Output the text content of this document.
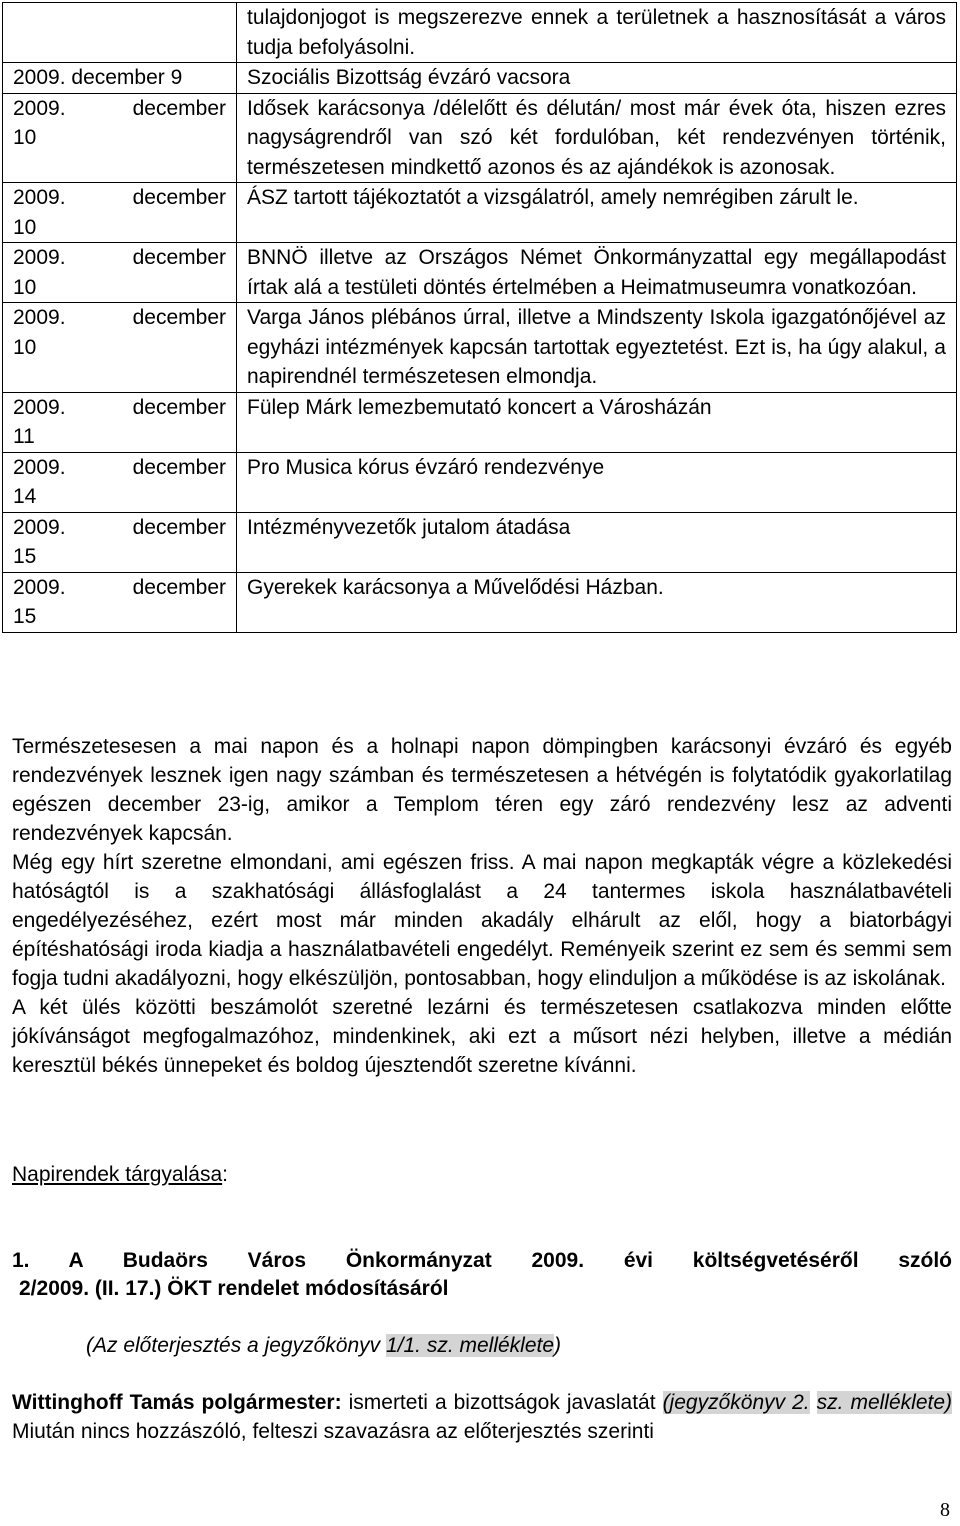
	tulajdonjogot is megszerezve ennek a területnek a hasznosítását a város tudja befolyásolni.
2009. december 9	Szociális Bizottság évzáró vacsora

2009. december
10	Idősek karácsonya /délelőtt és délután/ most már évek óta, hiszen ezres nagyságrendről van szó két fordulóban, két rendezvényen történik, természetesen mindkettő azonos és az ajándékok is azonosak.

2009. december
10	ÁSZ tartott tájékoztatót a vizsgálatról, amely nemrégiben zárult le.

2009. december
10	BNNÖ illetve az Országos Német Önkormányzattal egy megállapodást írtak alá a testületi döntés értelmében a Heimatmuseumra vonatkozóan.

2009. december
10	Varga János plébános úrral, illetve a Mindszenty Iskola igazgatónőjével az egyházi intézmények kapcsán tartottak egyeztetést. Ezt is, ha úgy alakul, a napirendnél természetesen elmondja.

2009. december
11	Fülep Márk lemezbemutató koncert a Városházán

2009. december
14	Pro Musica kórus évzáró rendezvénye

2009. december
15	Intézményvezetők jutalom átadása

2009. december
15	Gyerekek karácsonya a Művelődési Házban.

Természetesesen a mai napon és a holnapi napon dömpingben karácsonyi évzáró és egyéb rendezvények lesznek igen nagy számban és természetesen a hétvégén is folytatódik gyakorlatilag egészen december 23-ig, amikor a Templom téren egy záró rendezvény lesz az adventi rendezvények kapcsán.

Még egy hírt szeretne elmondani, ami egészen friss. A mai napon megkapták végre a közlekedési hatóságtól is a szakhatósági állásfoglalást a 24 tantermes iskola használatbavételi engedélyezéséhez, ezért most már minden akadály elhárult az elől, hogy a biatorbágyi építéshatósági iroda kiadja a használatbavételi engedélyt. Reményeik szerint ez sem és semmi sem fogja tudni akadályozni, hogy elkészüljön, pontosabban, hogy elinduljon a működése is az iskolának.

A két ülés közötti beszámolót szeretné lezárni és természetesen csatlakozva minden előtte jókívánságot megfogalmazóhoz, mindenkinek, aki ezt a műsort nézi helyben, illetve a médián keresztül békés ünnepeket és boldog újesztendőt szeretne kívánni.

Napirendek tárgyalása:
1. A Budaörs Város Önkormányzat 2009. évi költségvetéséről szóló
2/2009. (II. 17.) ÖKT rendelet módosításáról
(Az előterjesztés a jegyzőkönyv 1/1. sz. melléklete)
Wittinghoff Tamás polgármester: ismerteti a bizottságok javaslatát (jegyzőkönyv 2. sz. melléklete) Miután nincs hozzászóló, felteszi szavazásra az előterjesztés szerinti
8
